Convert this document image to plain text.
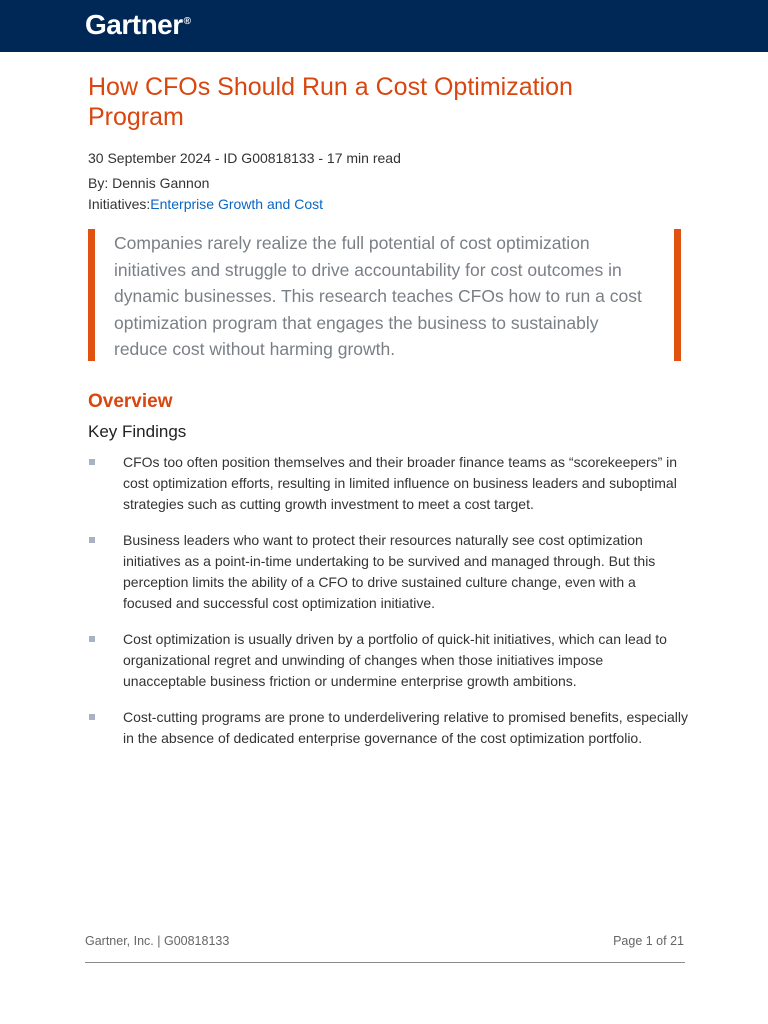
Gartner®
How CFOs Should Run a Cost Optimization Program
30 September 2024 - ID G00818133 - 17 min read
By: Dennis Gannon
Initiatives:Enterprise Growth and Cost

Companies rarely realize the full potential of cost optimization initiatives and struggle to drive accountability for cost outcomes in dynamic businesses. This research teaches CFOs how to run a cost optimization program that engages the business to sustainably reduce cost without harming growth.

Overview
Key Findings
CFOs too often position themselves and their broader finance teams as “scorekeepers” in cost optimization efforts, resulting in limited influence on business leaders and suboptimal strategies such as cutting growth investment to meet a cost target.
Business leaders who want to protect their resources naturally see cost optimization initiatives as a point-in-time undertaking to be survived and managed through. But this perception limits the ability of a CFO to drive sustained culture change, even with a focused and successful cost optimization initiative.
Cost optimization is usually driven by a portfolio of quick-hit initiatives, which can lead to organizational regret and unwinding of changes when those initiatives impose unacceptable business friction or undermine enterprise growth ambitions.
Cost-cutting programs are prone to underdelivering relative to promised benefits, especially in the absence of dedicated enterprise governance of the cost optimization portfolio.
Gartner, Inc. | G00818133	Page 1 of 21
